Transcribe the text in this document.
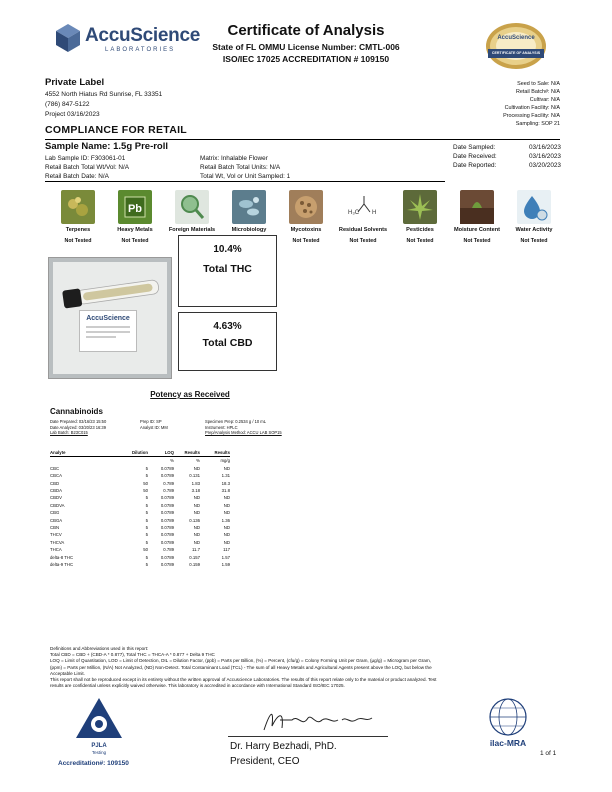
AccuScience
LABORATORIES
Certificate of Analysis
State of FL OMMU License Number: CMTL-006
ISO/IEC 17025 ACCREDITATION # 109150
AccuScience
CERTIFICATE OF ANALYSIS
Private Label
4552 North Hiatus Rd Sunrise, FL 33351
(786) 847-5122
Project 03/16/2023
Seed to Sale: N/A
Retail Batch#: N/A
Cultivar: N/A
Cultivation Facility: N/A
Processing Facility: N/A
Sampling: SOP 21
COMPLIANCE FOR RETAIL
Sample Name: 1.5g Pre-roll
Lab Sample ID: F303061-01
Retail Batch Total Wt/Vol: N/A
Retail Batch Date: N/A
Matrix: Inhalable Flower
Retail Batch Total Units: N/A
Total Wt, Vol or Unit Sampled: 1
Date Sampled:	03/16/2023
Date Received:	03/16/2023
Date Reported:	03/20/2023
Terpenes
Not Tested
Pb
Heavy Metals
Not Tested
Foreign Materials	Microbiology	Mycotoxins
Not Tested
H₃C H
Residual Solvents
Not Tested
Pesticides
Not Tested
Moisture Content
Not Tested
Water Activity
Not Tested
AccuScience
10.4%
Total THC
4.63%
Total CBD
Potency as Received
Cannabinoids
Date Prepared: 03/16/23 15:50
Date Analyzed: 03/20/23 16:39
Lab Batch: B23C015
Prep ID: SP
Analyst ID: MM
Specimen Prep: 0.2534 g / 10 mL
Instrument: HPLC
Prep/Analysis Method: ACCU LAB SOP15
Analyte	Dilution	LOQ	Results	Results
		%	%	mg/g
CBC	5	0.0789	ND	ND
CBCA	5	0.0789	0.131	1.31
CBD	50	0.789	1.83	18.3
CBDA	50	0.789	3.18	31.8
CBDV	5	0.0789	ND	ND
CBDVA	5	0.0789	ND	ND
CBG	5	0.0789	ND	ND
CBGA	5	0.0789	0.136	1.36
CBN	5	0.0789	ND	ND
THCV	5	0.0789	ND	ND
THCVA	5	0.0789	ND	ND
THCA	50	0.789	11.7	117
delta-8 THC	5	0.0789	0.157	1.57
delta-9 THC	5	0.0789	0.159	1.59
Definitions and Abbreviations used in this report:
Total CBD = CBD + (CBD-A * 0.877), Total THC = THCA-A * 0.877 + Delta 9 THC
LOQ = Limit of Quantitation, LOD = Limit of Detection, DIL = Dilution Factor, (ppb) = Parts per Billion, (%) = Percent, (cfu/g) = Colony Forming Unit per Gram, (µg/g) = Microgram per Gram,
(ppm) = Parts per Million, (N/A) Not Analyzed, (ND) Non-Detect. Total Contaminant Load (TCL) - The sum of all Heavy Metals and Agricultural Agents present above the LOQ, but below the
Acceptable Limit.
This report shall not be reproduced except in its entirety without the written approval of Accuscience Laboratories. The results of this report relate only to the material or product analyzed. Test
results are confidential unless explicitly waived otherwise. This laboratory is accredited in accordance with International Standard ISO/IEC 17025.
PJLA
Testing
Accreditation#: 109150
Dr. Harry Bezhadi, PhD.
President, CEO
ilac-MRA
1 of 1
